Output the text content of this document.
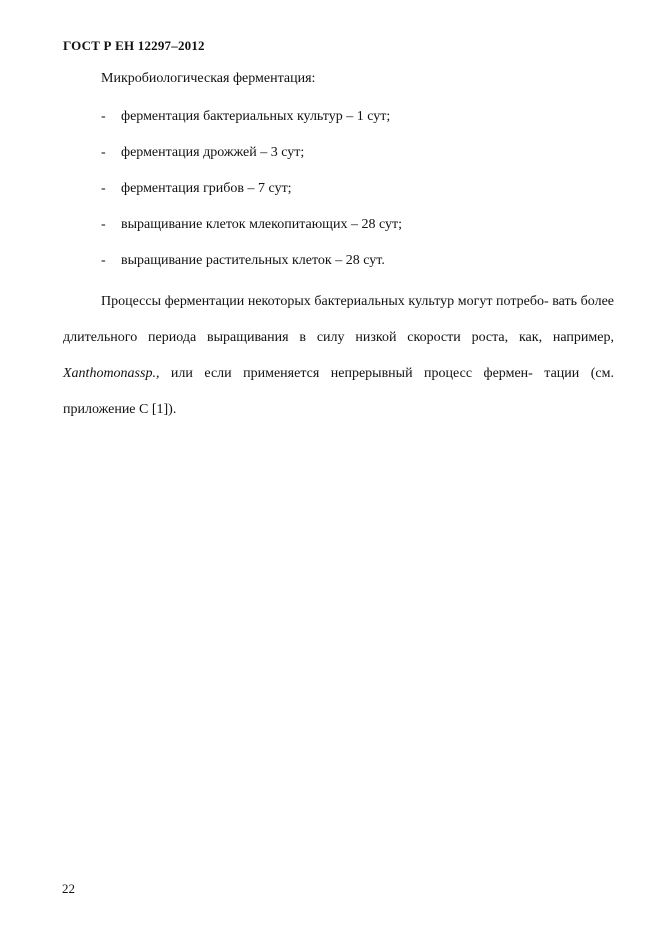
ГОСТ Р ЕН 12297–2012
Микробиологическая ферментация:
- ферментация бактериальных культур – 1 сут;
- ферментация дрожжей – 3 сут;
- ферментация грибов – 7 сут;
- выращивание клеток млекопитающих – 28 сут;
- выращивание растительных клеток – 28 сут.

Процессы ферментации некоторых бактериальных культур могут потребо- вать более длительного периода выращивания в силу низкой скорости роста, как, например, Xanthomonassp., или если применяется непрерывный процесс фермен- тации (см. приложение С [1]).

22
